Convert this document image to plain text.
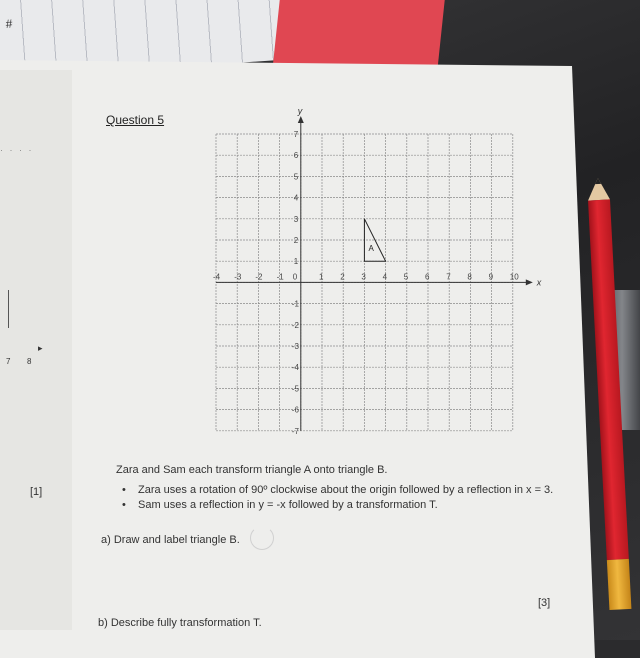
#
· · · ·
7 8
▸
Question 5
x
y
-4 -3 -2 -1 0	1 2 3 4 5 6 7 8 9 10
7
6
5
4
3
2
1
-1
-2
-3
-4
-5
-6
-7
A
Zara and Sam each transform triangle A onto triangle B.
[1]
•	Zara uses a rotation of 90º clockwise about the origin followed by a reflection in x = 3.
• Sam uses a reflection in y = -x followed by a transformation T.
a) Draw and label triangle B.
[3]
b) Describe fully transformation T.
